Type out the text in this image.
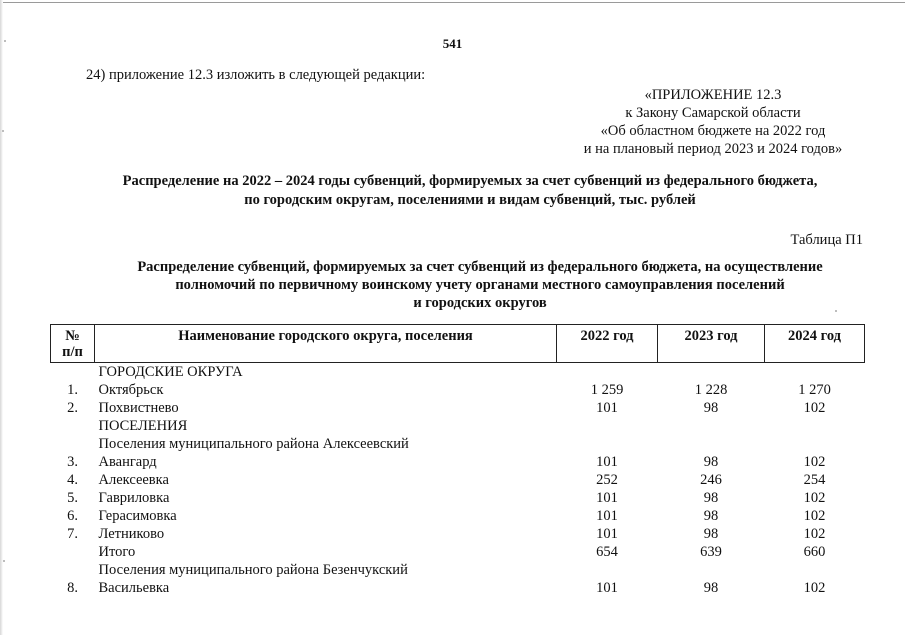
541
24) приложение 12.3 изложить в следующей редакции:
«ПРИЛОЖЕНИЕ 12.3
к Закону Самарской области
«Об областном бюджете на 2022 год
и на плановый период 2023 и 2024 годов»
Распределение на 2022 – 2024 годы субвенций, формируемых за счет субвенций из федерального бюджета,
по городским округам, поселениями и видам субвенций, тыс. рублей
Таблица П1
Распределение субвенций, формируемых за счет субвенций из федерального бюджета, на осуществление
полномочий по первичному воинскому учету органами местного самоуправления поселений
и городских округов
№
п/п	Наименование городского округа, поселения	2022 год	2023 год	2024 год
	ГОРОДСКИЕ ОКРУГА			
1.	Октябрьск	1 259	1 228	1 270
2.	Похвистнево	101	98	102
	ПОСЕЛЕНИЯ			
	Поселения муниципального района Алексеевский			
3.	Авангард	101	98	102
4.	Алексеевка	252	246	254
5.	Гавриловка	101	98	102
6.	Герасимовка	101	98	102
7.	Летниково	101	98	102
	Итого	654	639	660
	Поселения муниципального района Безенчукский			
8.	Васильевка	101	98	102
